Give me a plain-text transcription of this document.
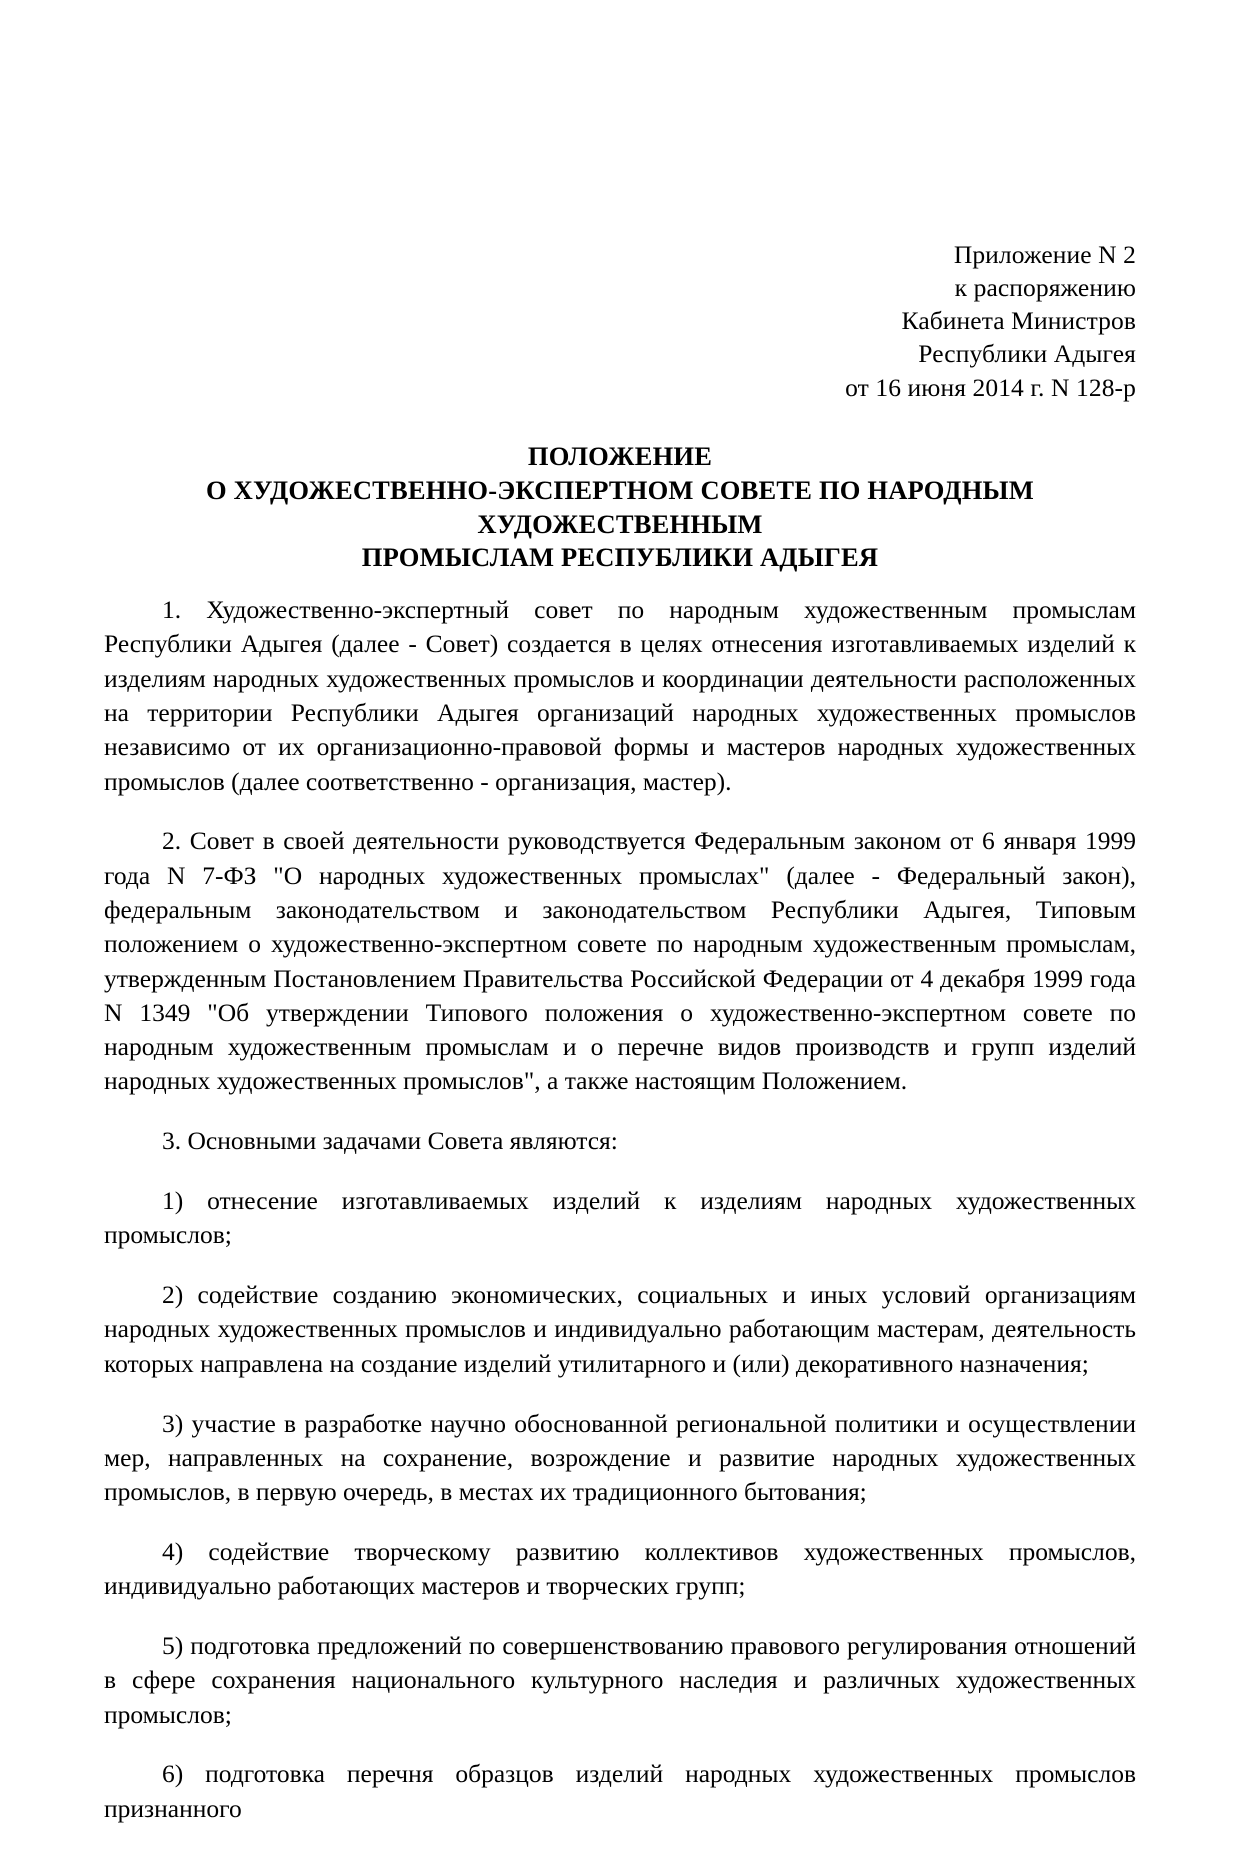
Приложение N 2
к распоряжению
Кабинета Министров
Республики Адыгея
от 16 июня 2014 г. N 128-р
ПОЛОЖЕНИЕ
О ХУДОЖЕСТВЕННО-ЭКСПЕРТНОМ СОВЕТЕ ПО НАРОДНЫМ
ХУДОЖЕСТВЕННЫМ
ПРОМЫСЛАМ РЕСПУБЛИКИ АДЫГЕЯ

1. Художественно-экспертный совет по народным художественным промыслам Республики Адыгея (далее - Совет) создается в целях отнесения изготавливаемых изделий к изделиям народных художественных промыслов и координации деятельности расположенных на территории Республики Адыгея организаций народных художественных промыслов независимо от их организационно-правовой формы и мастеров народных художественных промыслов (далее соответственно - организация, мастер).

2. Совет в своей деятельности руководствуется Федеральным законом от 6 января 1999 года N 7-ФЗ "О народных художественных промыслах" (далее - Федеральный закон), федеральным законодательством и законодательством Республики Адыгея, Типовым положением о художественно-экспертном совете по народным художественным промыслам, утвержденным Постановлением Правительства Российской Федерации от 4 декабря 1999 года N 1349 "Об утверждении Типового положения о художественно-экспертном совете по народным художественным промыслам и о перечне видов производств и групп изделий народных художественных промыслов", а также настоящим Положением.

3. Основными задачами Совета являются:

1) отнесение изготавливаемых изделий к изделиям народных художественных промыслов;

2) содействие созданию экономических, социальных и иных условий организациям народных художественных промыслов и индивидуально работающим мастерам, деятельность которых направлена на создание изделий утилитарного и (или) декоративного назначения;

3) участие в разработке научно обоснованной региональной политики и осуществлении мер, направленных на сохранение, возрождение и развитие народных художественных промыслов, в первую очередь, в местах их традиционного бытования;

4) содействие творческому развитию коллективов художественных промыслов, индивидуально работающих мастеров и творческих групп;

5) подготовка предложений по совершенствованию правового регулирования отношений в сфере сохранения национального культурного наследия и различных художественных промыслов;

6) подготовка перечня образцов изделий народных художественных промыслов признанного
